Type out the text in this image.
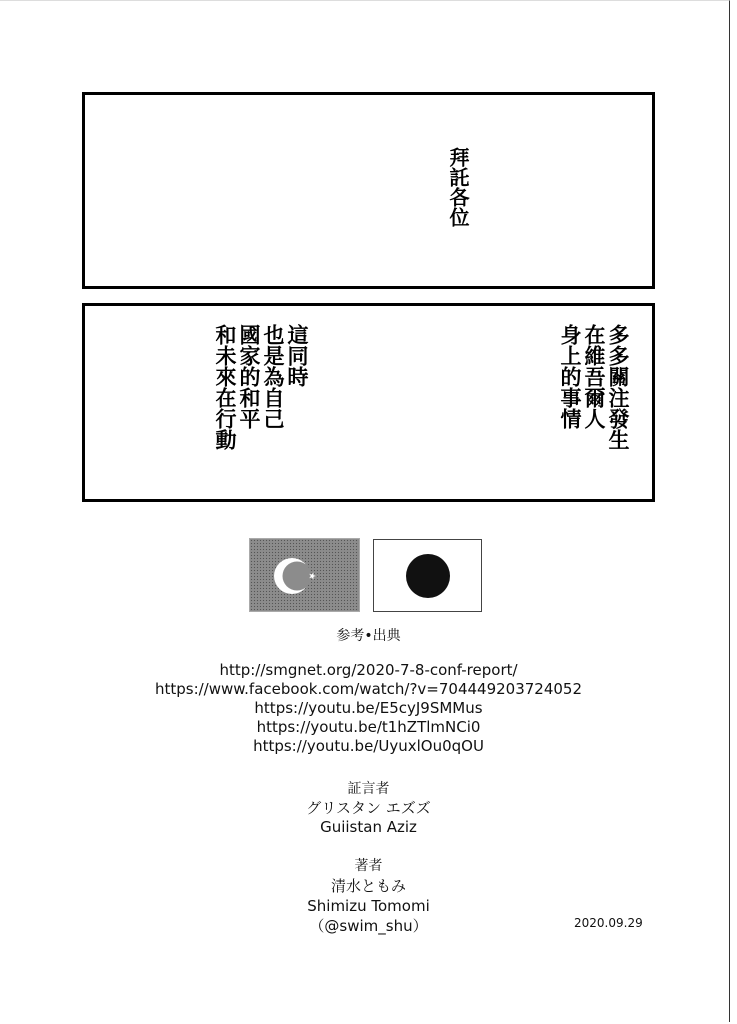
拜託各位
這同時
也是為自己
國家的和平
和未來在行動	多多關注發生
在維吾爾人
身上的事情
参考•出典
http://smgnet.org/2020-7-8-conf-report/
https://www.facebook.com/watch/?v=704449203724052
https://youtu.be/E5cyJ9SMMus
https://youtu.be/t1hZTlmNCi0
https://youtu.be/UyuxlOu0qOU
証言者
グリスタン エズズ
Guiistan Aziz
著者
清水ともみ
Shimizu Tomomi
（@swim_shu）	2020.09.29
